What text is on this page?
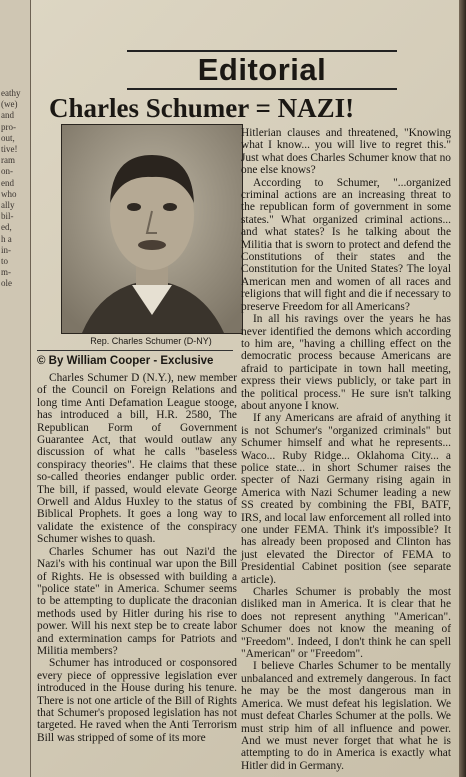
eathy
(we)
and
pro-
out,
tive!
ram
on-
end
who
ally
bil-
ed,
h a
in-
to
m-
ole
Editorial
Charles Schumer = NAZI!
Rep. Charles Schumer (D-NY)
© By William Cooper - Exclusive

Charles Schumer D (N.Y.), new member of the Council on Foreign Relations and long time Anti Defamation League stooge, has introduced a bill, H.R. 2580, The Republican Form of Government Guarantee Act, that would outlaw any discussion of what he calls "baseless conspiracy theories". He claims that these so-called theories endanger public order. The bill, if passed, would elevate George Orwell and Aldus Huxley to the status of Biblical Prophets. It goes a long way to validate the existence of the conspiracy Schumer wishes to quash.

Charles Schumer has out Nazi'd the Nazi's with his continual war upon the Bill of Rights. He is obsessed with building a "police state" in America. Schumer seems to be attempting to duplicate the draconian methods used by Hitler during his rise to power. Will his next step be to create labor and extermination camps for Patriots and Militia members?

Schumer has introduced or cosponsored every piece of oppressive legislation ever introduced in the House during his tenure. There is not one article of the Bill of Rights that Schumer's proposed legislation has not targeted. He raved when the Anti Terrorism Bill was stripped of some of its more

Hitlerian clauses and threatened, "Knowing what I know... you will live to regret this." Just what does Charles Schumer know that no one else knows?

According to Schumer, "...organized criminal actions are an increasing threat to the republican form of government in some states." What organized criminal actions... and what states? Is he talking about the Militia that is sworn to protect and defend the Constitutions of their states and the Constitution for the United States? The loyal American men and women of all races and religions that will fight and die if necessary to preserve Freedom for all Americans?

In all his ravings over the years he has never identified the demons which according to him are, "having a chilling effect on the democratic process because Americans are afraid to participate in town hall meeting, express their views publicly, or take part in the political process." He sure isn't talking about anyone I know.

If any Americans are afraid of anything it is not Schumer's "organized criminals" but Schumer himself and what he represents... Waco... Ruby Ridge... Oklahoma City... a police state... in short Schumer raises the specter of Nazi Germany rising again in America with Nazi Schumer leading a new SS created by combining the FBI, BATF, IRS, and local law enforcement all rolled into one under FEMA. Think it's impossible? It has already been proposed and Clinton has just elevated the Director of FEMA to Presidential Cabinet position (see separate article).

Charles Schumer is probably the most disliked man in America. It is clear that he does not represent anything "American". Schumer does not know the meaning of "Freedom". Indeed, I don't think he can spell "American" or "Freedom".

I believe Charles Schumer to be mentally unbalanced and extremely dangerous. In fact he may be the most dangerous man in America. We must defeat his legislation. We must defeat Charles Schumer at the polls. We must strip him of all influence and power. And we must never forget that what he is attempting to do in America is exactly what Hitler did in Germany.
